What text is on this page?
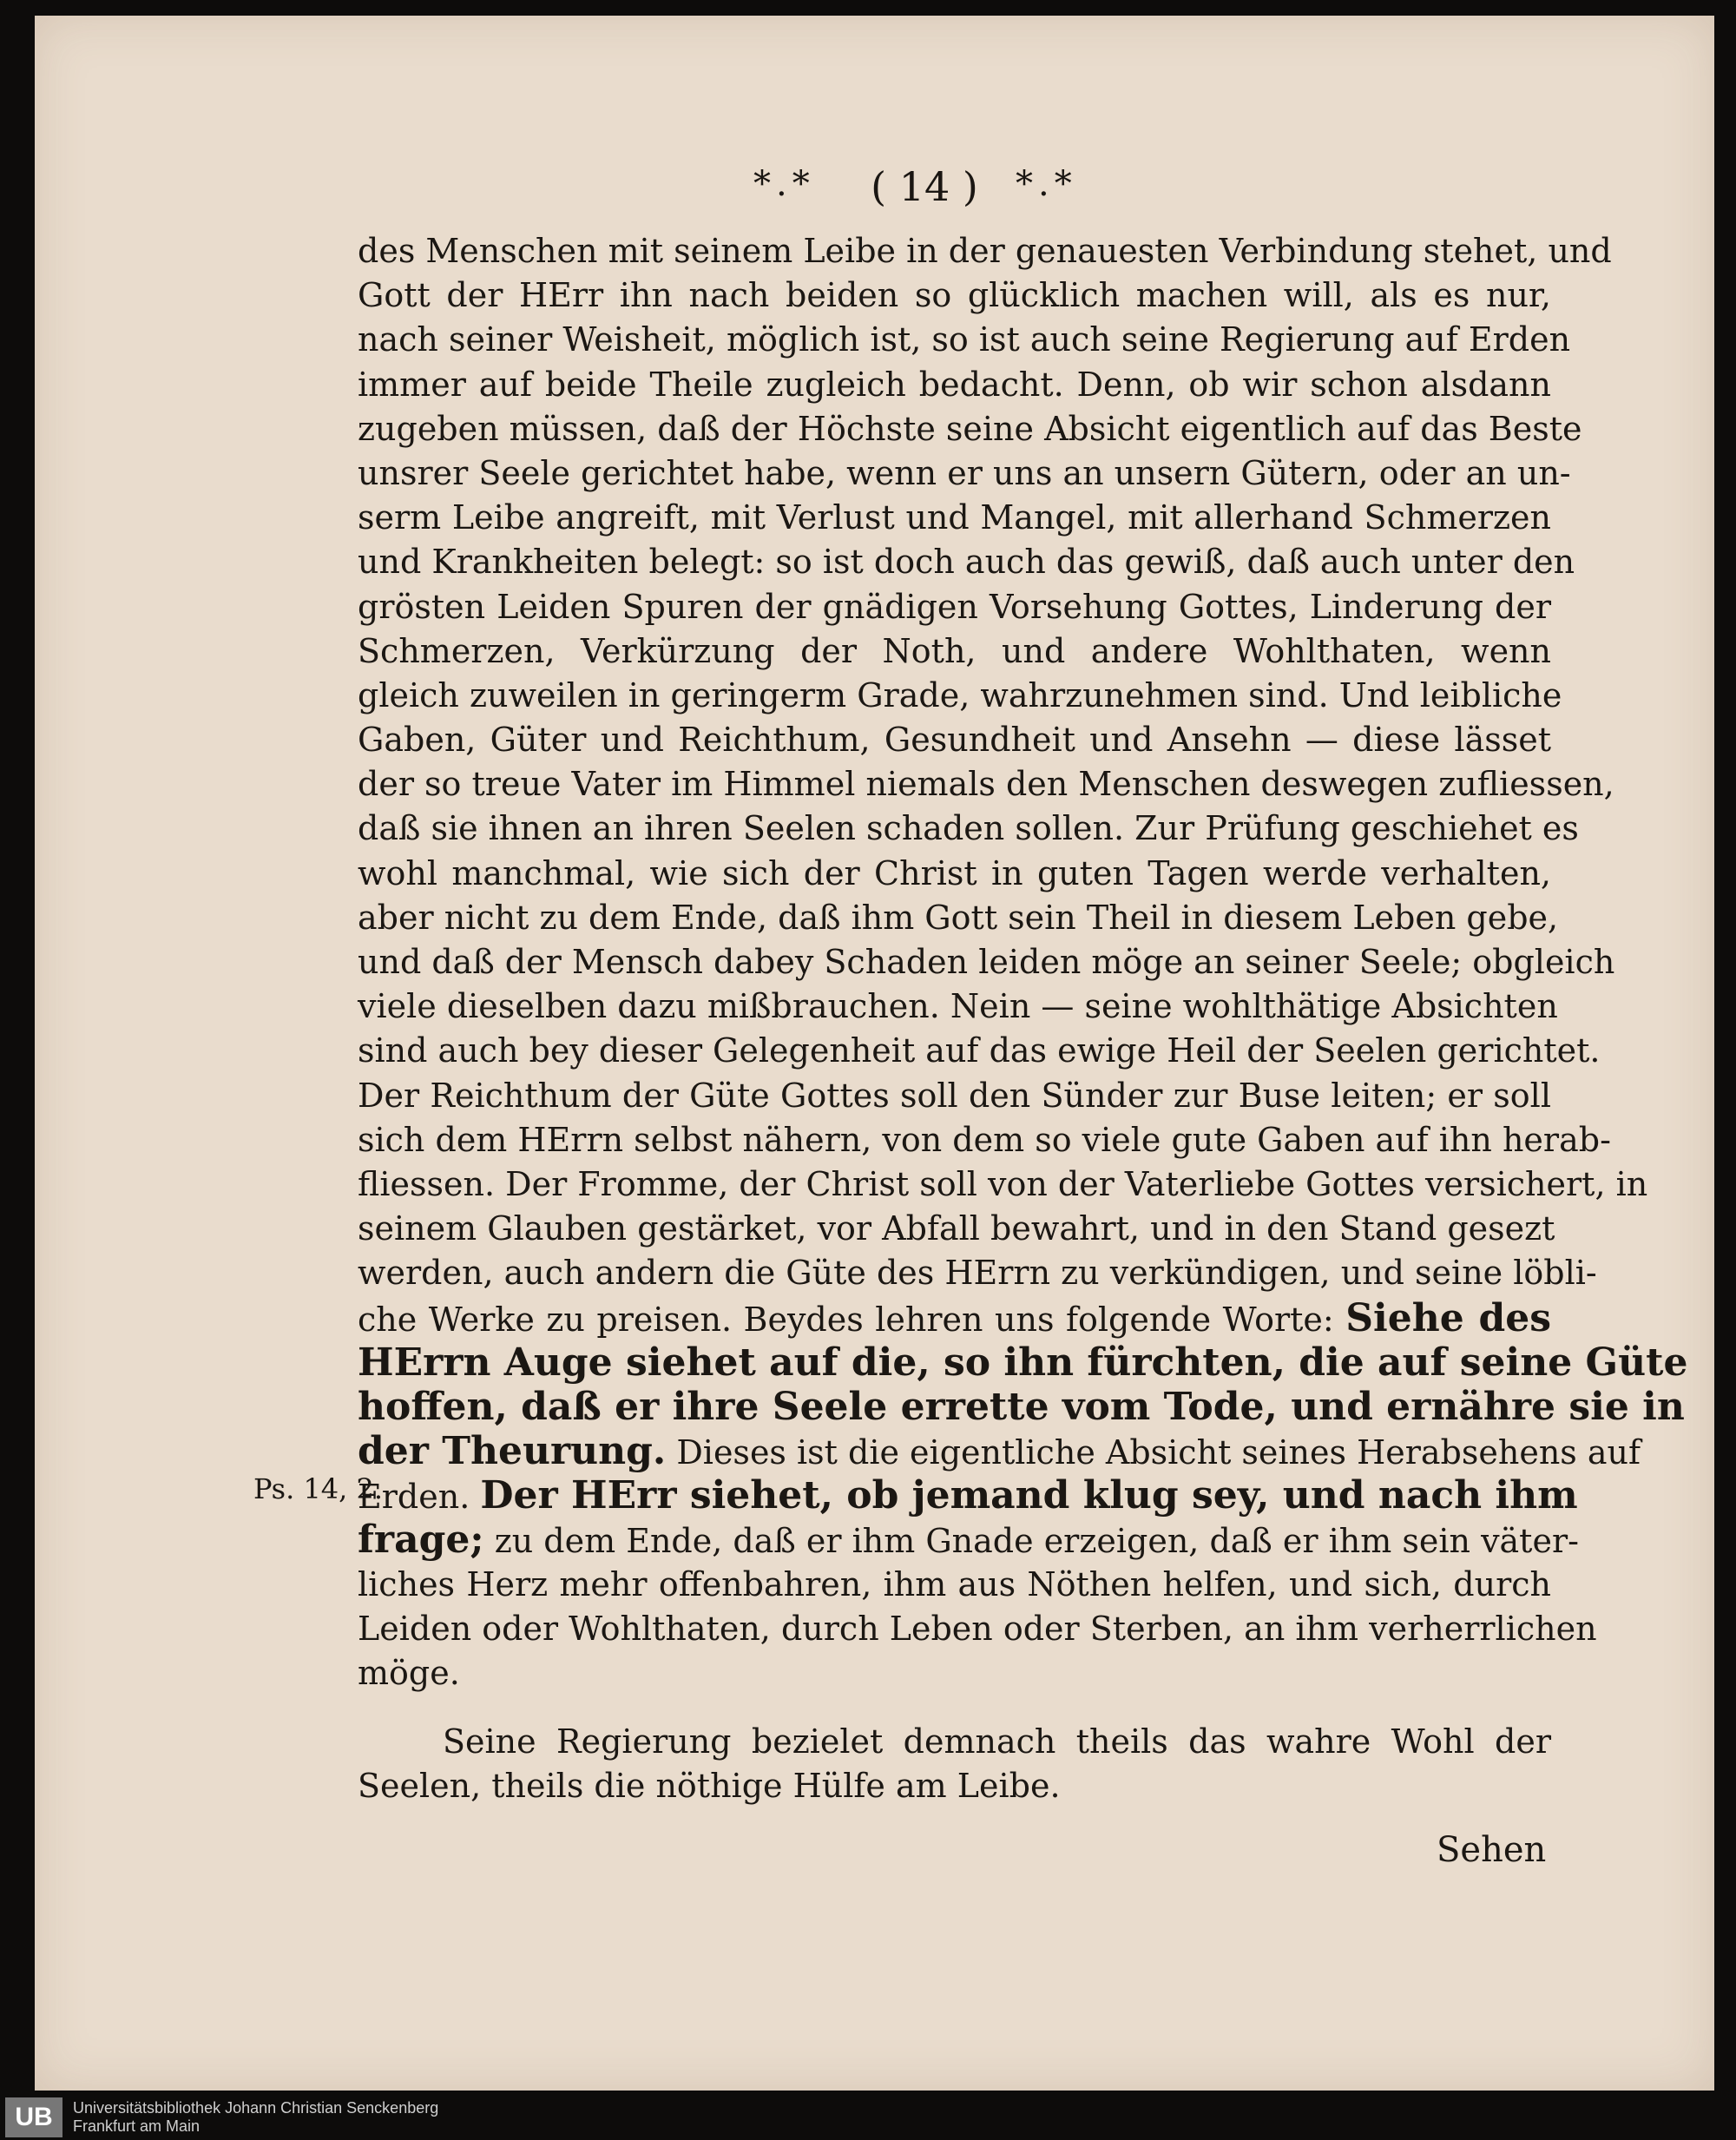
*.*	( 14 )	*.*
Ps. 14, 2.
des Menschen mit seinem Leibe in der genauesten Verbindung stehet, und
Gott der HErr ihn nach beiden so glücklich machen will, als es nur,
nach seiner Weisheit, möglich ist, so ist auch seine Regierung auf Erden
immer auf beide Theile zugleich bedacht. Denn, ob wir schon alsdann
zugeben müssen, daß der Höchste seine Absicht eigentlich auf das Beste
unsrer Seele gerichtet habe, wenn er uns an unsern Gütern, oder an un-
serm Leibe angreift, mit Verlust und Mangel, mit allerhand Schmerzen
und Krankheiten belegt: so ist doch auch das gewiß, daß auch unter den
grösten Leiden Spuren der gnädigen Vorsehung Gottes, Linderung der
Schmerzen, Verkürzung der Noth, und andere Wohlthaten, wenn
gleich zuweilen in geringerm Grade, wahrzunehmen sind. Und leibliche
Gaben, Güter und Reichthum, Gesundheit und Ansehn — diese lässet
der so treue Vater im Himmel niemals den Menschen deswegen zufliessen,
daß sie ihnen an ihren Seelen schaden sollen. Zur Prüfung geschiehet es
wohl manchmal, wie sich der Christ in guten Tagen werde verhalten,
aber nicht zu dem Ende, daß ihm Gott sein Theil in diesem Leben gebe,
und daß der Mensch dabey Schaden leiden möge an seiner Seele; obgleich
viele dieselben dazu mißbrauchen. Nein — seine wohlthätige Absichten
sind auch bey dieser Gelegenheit auf das ewige Heil der Seelen gerichtet.
Der Reichthum der Güte Gottes soll den Sünder zur Buse leiten; er soll
sich dem HErrn selbst nähern, von dem so viele gute Gaben auf ihn herab-
fliessen. Der Fromme, der Christ soll von der Vaterliebe Gottes versichert, in
seinem Glauben gestärket, vor Abfall bewahrt, und in den Stand gesezt
werden, auch andern die Güte des HErrn zu verkündigen, und seine löbli-
che Werke zu preisen. Beydes lehren uns folgende Worte: Siehe des
HErrn Auge siehet auf die, so ihn fürchten, die auf seine Güte
hoffen, daß er ihre Seele errette vom Tode, und ernähre sie in
der Theurung. Dieses ist die eigentliche Absicht seines Herabsehens auf
Erden. Der HErr siehet, ob jemand klug sey, und nach ihm
frage; zu dem Ende, daß er ihm Gnade erzeigen, daß er ihm sein väter-
liches Herz mehr offenbahren, ihm aus Nöthen helfen, und sich, durch
Leiden oder Wohlthaten, durch Leben oder Sterben, an ihm verherrlichen
möge.
Seine Regierung bezielet demnach theils das wahre Wohl der
Seelen, theils die nöthige Hülfe am Leibe.
Sehen
UB	Universitätsbibliothek Johann Christian Senckenberg
Frankfurt am Main
